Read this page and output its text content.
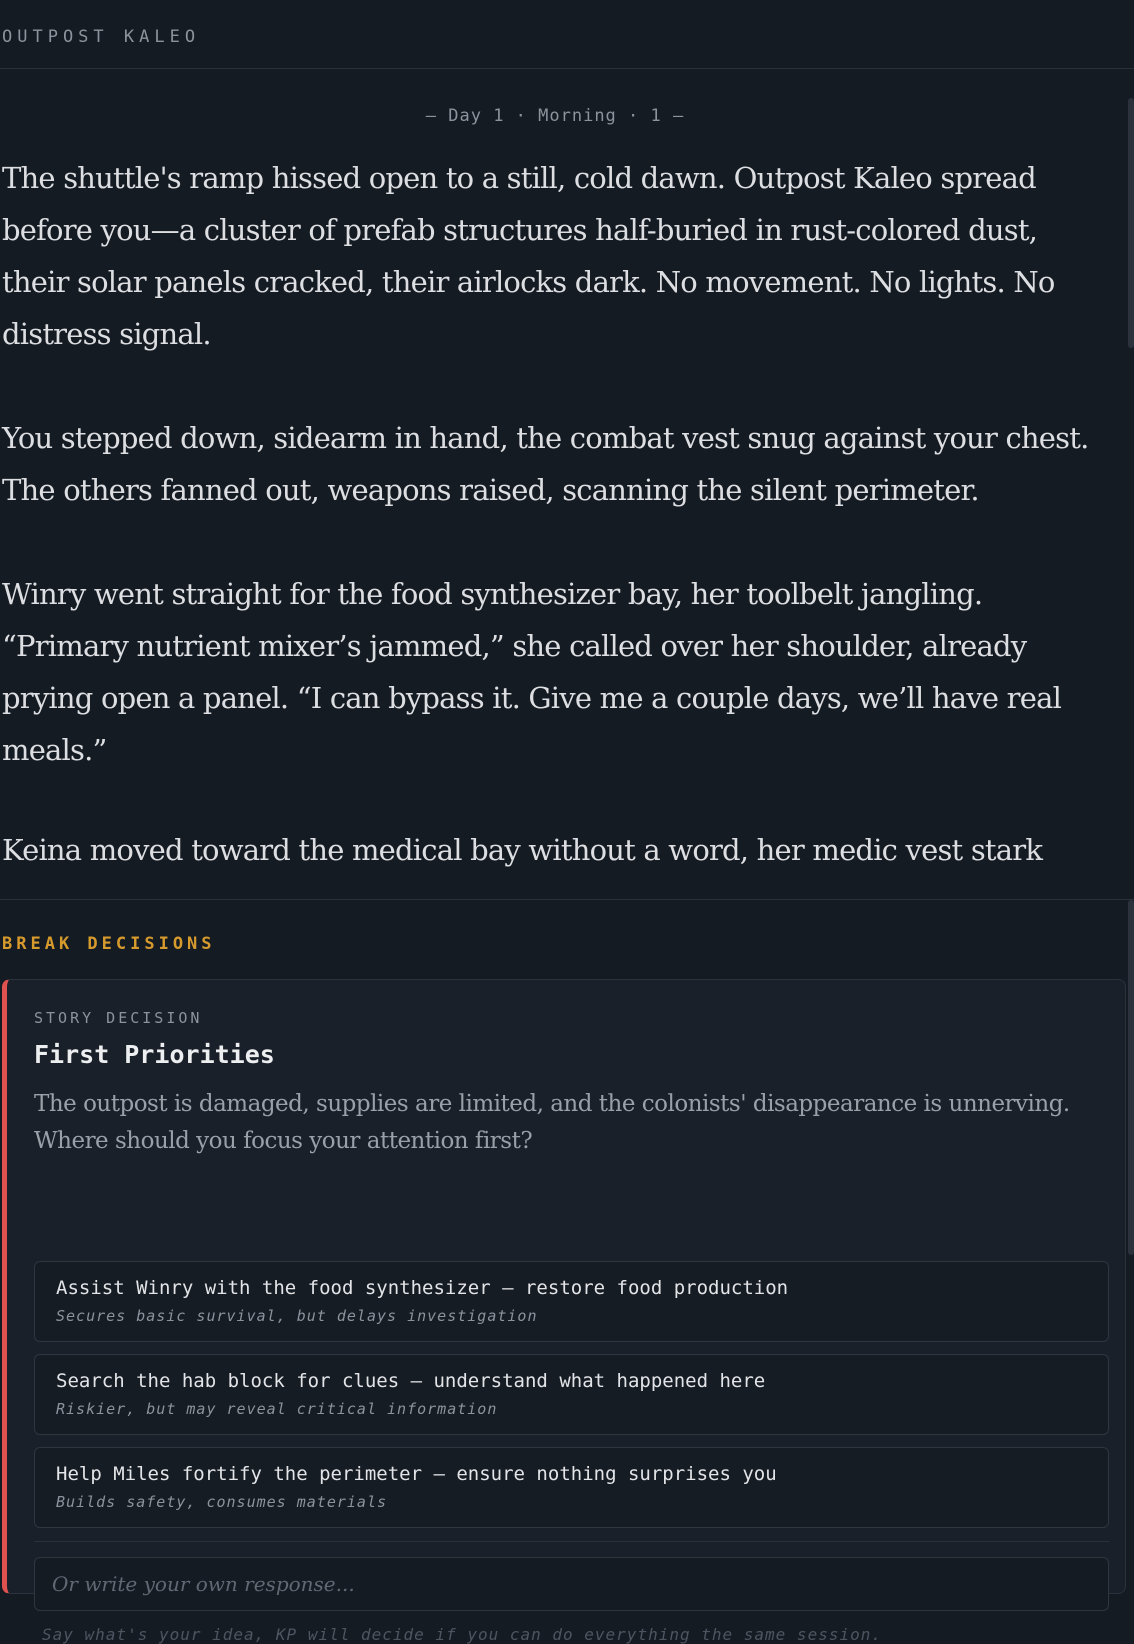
OUTPOST KALEO
— Day 1 · Morning · 1 —

The shuttle's ramp hissed open to a still, cold dawn. Outpost Kaleo spread before you—a cluster of prefab structures half-buried in rust-colored dust, their solar panels cracked, their airlocks dark. No movement. No lights. No distress signal.

You stepped down, sidearm in hand, the combat vest snug against your chest. The others fanned out, weapons raised, scanning the silent perimeter.

Winry went straight for the food synthesizer bay, her toolbelt jangling. “Primary nutrient mixer’s jammed,” she called over her shoulder, already prying open a panel. “I can bypass it. Give me a couple days, we’ll have real meals.”

Keina moved toward the medical bay without a word, her medic vest stark

BREAK DECISIONS
STORY DECISION
First Priorities
The outpost is damaged, supplies are limited, and the colonists' disappearance is unnerving. Where should you focus your attention first?
Assist Winry with the food synthesizer — restore food production
Secures basic survival, but delays investigation
Search the hab block for clues — understand what happened here
Riskier, but may reveal critical information
Help Miles fortify the perimeter — ensure nothing surprises you
Builds safety, consumes materials
Or write your own response...
Say what's your idea, KP will decide if you can do everything the same session.
